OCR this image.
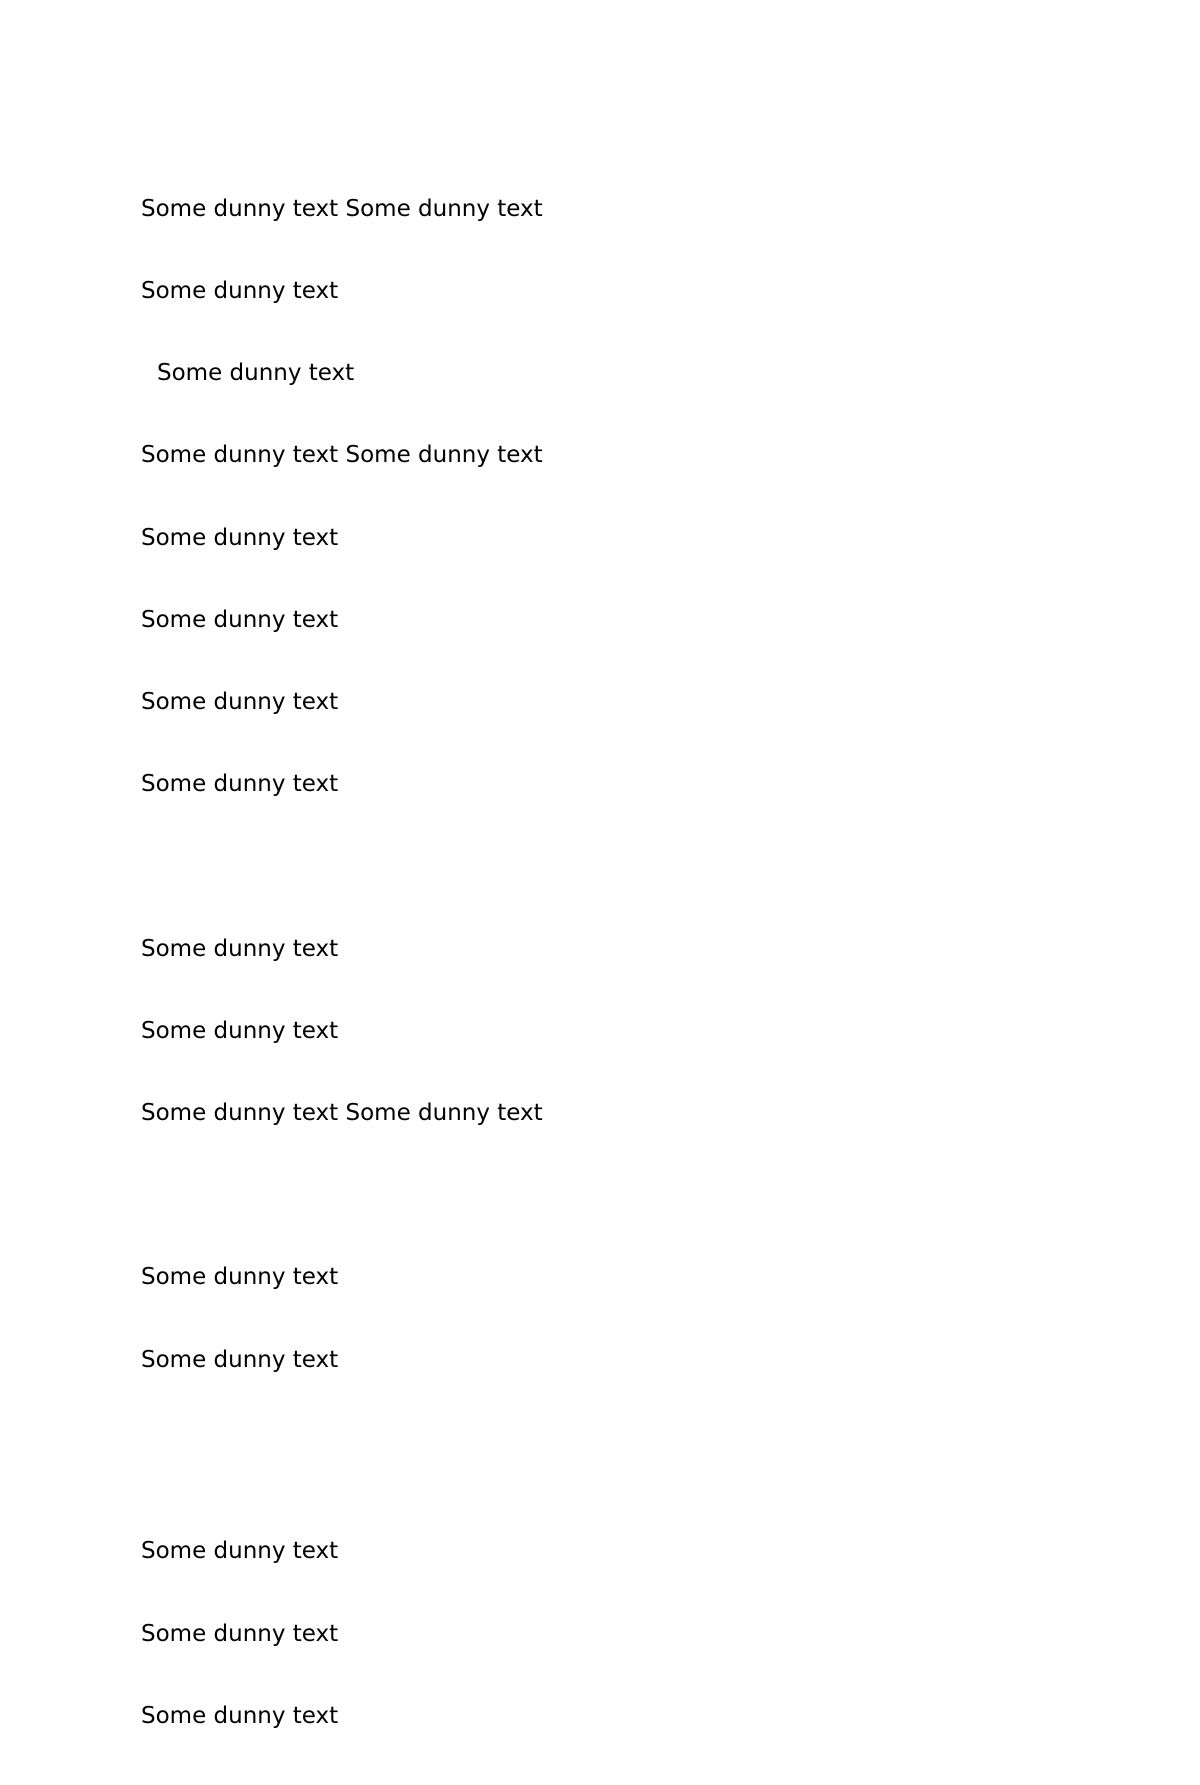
Some dunny text Some dunny text

Some dunny text

Some dunny text

Some dunny text Some dunny text

Some dunny text

Some dunny text

Some dunny text

Some dunny text

Some dunny text

Some dunny text

Some dunny text Some dunny text

Some dunny text

Some dunny text

Some dunny text

Some dunny text

Some dunny text
